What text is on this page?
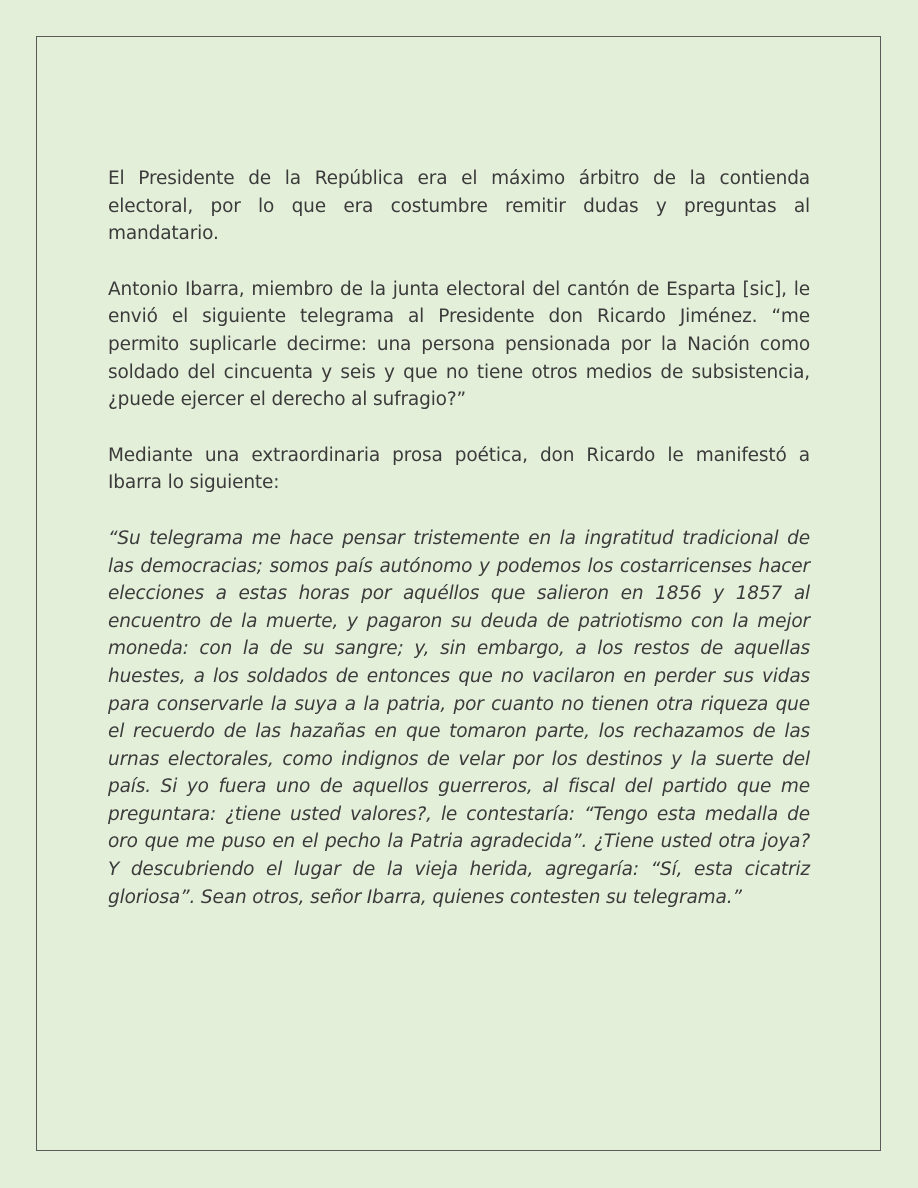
El Presidente de la República era el máximo árbitro de la contienda electoral, por lo que era costumbre remitir dudas y preguntas al mandatario.

Antonio Ibarra, miembro de la junta electoral del cantón de Esparta [sic], le envió el siguiente telegrama al Presidente don Ricardo Jiménez. “me permito suplicarle decirme: una persona pensionada por la Nación como soldado del cincuenta y seis y que no tiene otros medios de subsistencia, ¿puede ejercer el derecho al sufragio?”

Mediante una extraordinaria prosa poética, don Ricardo le manifestó a Ibarra lo siguiente:

“Su telegrama me hace pensar tristemente en la ingratitud tradicional de las democracias; somos país autónomo y podemos los costarricenses hacer elecciones a estas horas por aquéllos que salieron en 1856 y 1857 al encuentro de la muerte, y pagaron su deuda de patriotismo con la mejor moneda: con la de su sangre; y, sin embargo, a los restos de aquellas huestes, a los soldados de entonces que no vacilaron en perder sus vidas para conservarle la suya a la patria, por cuanto no tienen otra riqueza que el recuerdo de las hazañas en que tomaron parte, los rechazamos de las urnas electorales, como indignos de velar por los destinos y la suerte del país. Si yo fuera uno de aquellos guerreros, al fiscal del partido que me preguntara: ¿tiene usted valores?, le contestaría: “Tengo esta medalla de oro que me puso en el pecho la Patria agradecida”. ¿Tiene usted otra joya? Y descubriendo el lugar de la vieja herida, agregaría: “Sí, esta cicatriz gloriosa”. Sean otros, señor Ibarra, quienes contesten su telegrama.”
